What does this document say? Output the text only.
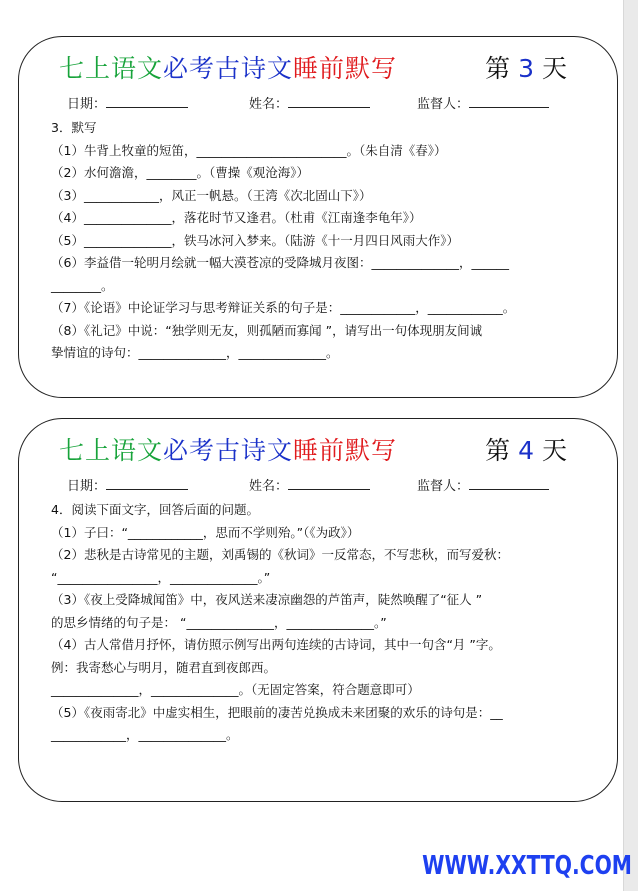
七上语文必考古诗文睡前默写	第 3 天
日期：	姓名：	监督人：

3．默写

（1）牛背上牧童的短笛，________________________。（朱自清《春》）

（2）水何澹澹，________。（曹操《观沧海》）

（3）____________，风正一帆悬。（王湾《次北固山下》）

（4）______________，落花时节又逢君。（杜甫《江南逢李龟年》）

（5）______________，铁马冰河入梦来。（陆游《十一月四日风雨大作》）

（6）李益借一轮明月绘就一幅大漠苍凉的受降城月夜图：______________，______

________。

（7）《论语》中论证学习与思考辩证关系的句子是：____________，____________。

（8）《礼记》中说：“独学则无友，则孤陋而寡闻 ”，请写出一句体现朋友间诚

挚情谊的诗句：______________，______________。

七上语文必考古诗文睡前默写	第 4 天
日期：	姓名：	监督人：

4．阅读下面文字，回答后面的问题。

（1）子曰：“____________，思而不学则殆。”（《为政》）

（2）悲秋是古诗常见的主题，刘禹锡的《秋词》一反常态，不写悲秋，而写爱秋：

“________________，______________。”

（3）《夜上受降城闻笛》中，夜风送来凄凉幽怨的芦笛声，陡然唤醒了“征人 ”

的思乡情绪的句子是： “______________，______________。”

（4）古人常借月抒怀，请仿照示例写出两句连续的古诗词，其中一句含“月 ”字。

例：我寄愁心与明月，随君直到夜郎西。

______________，______________。（无固定答案，符合题意即可）

（5）《夜雨寄北》中虚实相生，把眼前的凄苦兑换成未来团聚的欢乐的诗句是：__

____________，______________。

WWW.XXTTQ.COM
